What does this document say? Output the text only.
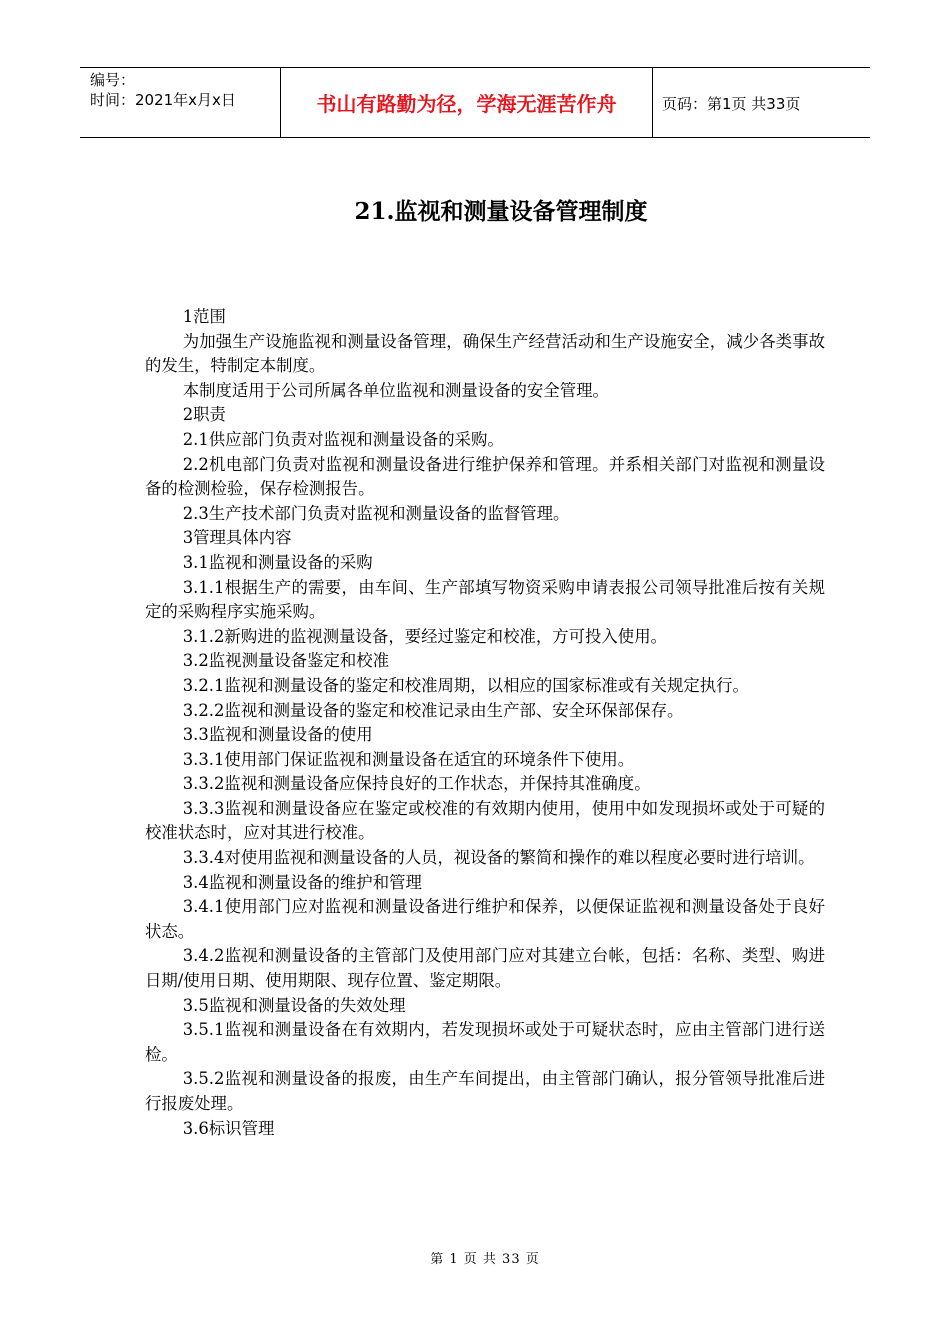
编号：
时间：2021年x月x日	书山有路勤为径，学海无涯苦作舟	页码：第1页 共33页
21.监视和测量设备管理制度

1范围

为加强生产设施监视和测量设备管理，确保生产经营活动和生产设施安全，减少各类事故的发生，特制定本制度。

本制度适用于公司所属各单位监视和测量设备的安全管理。

2职责

2.1供应部门负责对监视和测量设备的采购。

2.2机电部门负责对监视和测量设备进行维护保养和管理。并系相关部门对监视和测量设备的检测检验，保存检测报告。

2.3生产技术部门负责对监视和测量设备的监督管理。

3管理具体内容

3.1监视和测量设备的采购

3.1.1根据生产的需要，由车间、生产部填写物资采购申请表报公司领导批准后按有关规定的采购程序实施采购。

3.1.2新购进的监视测量设备，要经过鉴定和校准，方可投入使用。

3.2监视测量设备鉴定和校准

3.2.1监视和测量设备的鉴定和校准周期，以相应的国家标准或有关规定执行。

3.2.2监视和测量设备的鉴定和校准记录由生产部、安全环保部保存。

3.3监视和测量设备的使用

3.3.1使用部门保证监视和测量设备在适宜的环境条件下使用。

3.3.2监视和测量设备应保持良好的工作状态，并保持其准确度。

3.3.3监视和测量设备应在鉴定或校准的有效期内使用，使用中如发现损坏或处于可疑的校准状态时，应对其进行校准。

3.3.4对使用监视和测量设备的人员，视设备的繁简和操作的难以程度必要时进行培训。

3.4监视和测量设备的维护和管理

3.4.1使用部门应对监视和测量设备进行维护和保养，以便保证监视和测量设备处于良好状态。

3.4.2监视和测量设备的主管部门及使用部门应对其建立台帐，包括：名称、类型、购进日期/使用日期、使用期限、现存位置、鉴定期限。

3.5监视和测量设备的失效处理

3.5.1监视和测量设备在有效期内，若发现损坏或处于可疑状态时，应由主管部门进行送检。

3.5.2监视和测量设备的报废，由生产车间提出，由主管部门确认，报分管领导批准后进行报废处理。

3.6标识管理

第 1 页 共 33 页
